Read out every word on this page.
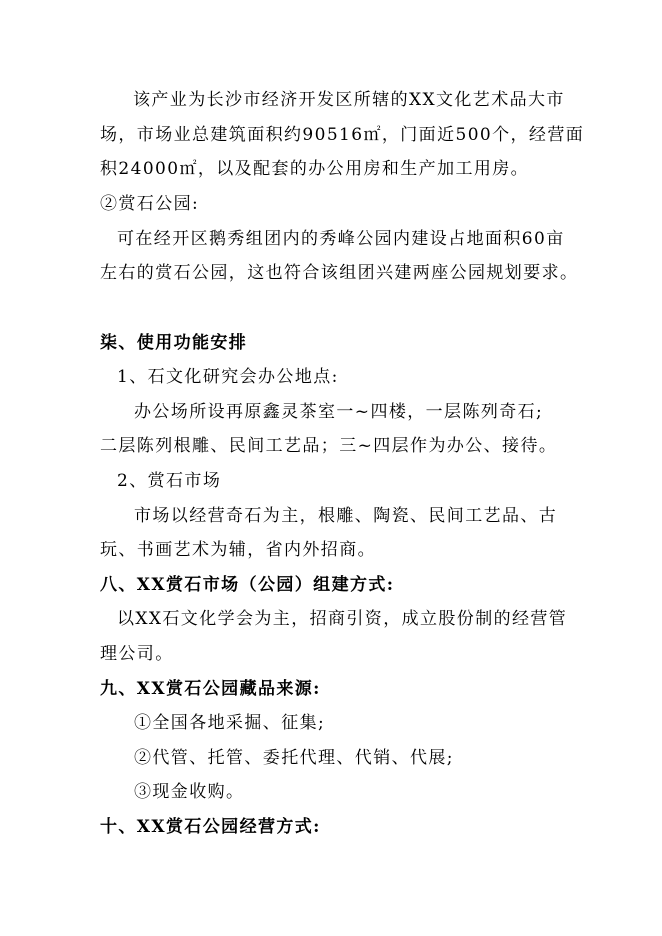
该产业为长沙市经济开发区所辖的XX文化艺术品大市
场，市场业总建筑面积约90516㎡，门面近500个，经营面
积24000㎡，以及配套的办公用房和生产加工用房。
②赏石公园:
可在经开区鹅秀组团内的秀峰公园内建设占地面积60亩
左右的赏石公园，这也符合该组团兴建两座公园规划要求。
柒、使用功能安排
1、石文化研究会办公地点:
办公场所设再原鑫灵茶室一~四楼，一层陈列奇石;
二层陈列根雕、民间工艺品；三~四层作为办公、接待。
2、赏石市场
市场以经营奇石为主，根雕、陶瓷、民间工艺品、古
玩、书画艺术为辅，省内外招商。
八、XX赏石市场（公园）组建方式:
以XX石文化学会为主，招商引资，成立股份制的经营管
理公司。
九、XX赏石公园藏品来源:
①全国各地采掘、征集;
②代管、托管、委托代理、代销、代展;
③现金收购。
十、XX赏石公园经营方式:
